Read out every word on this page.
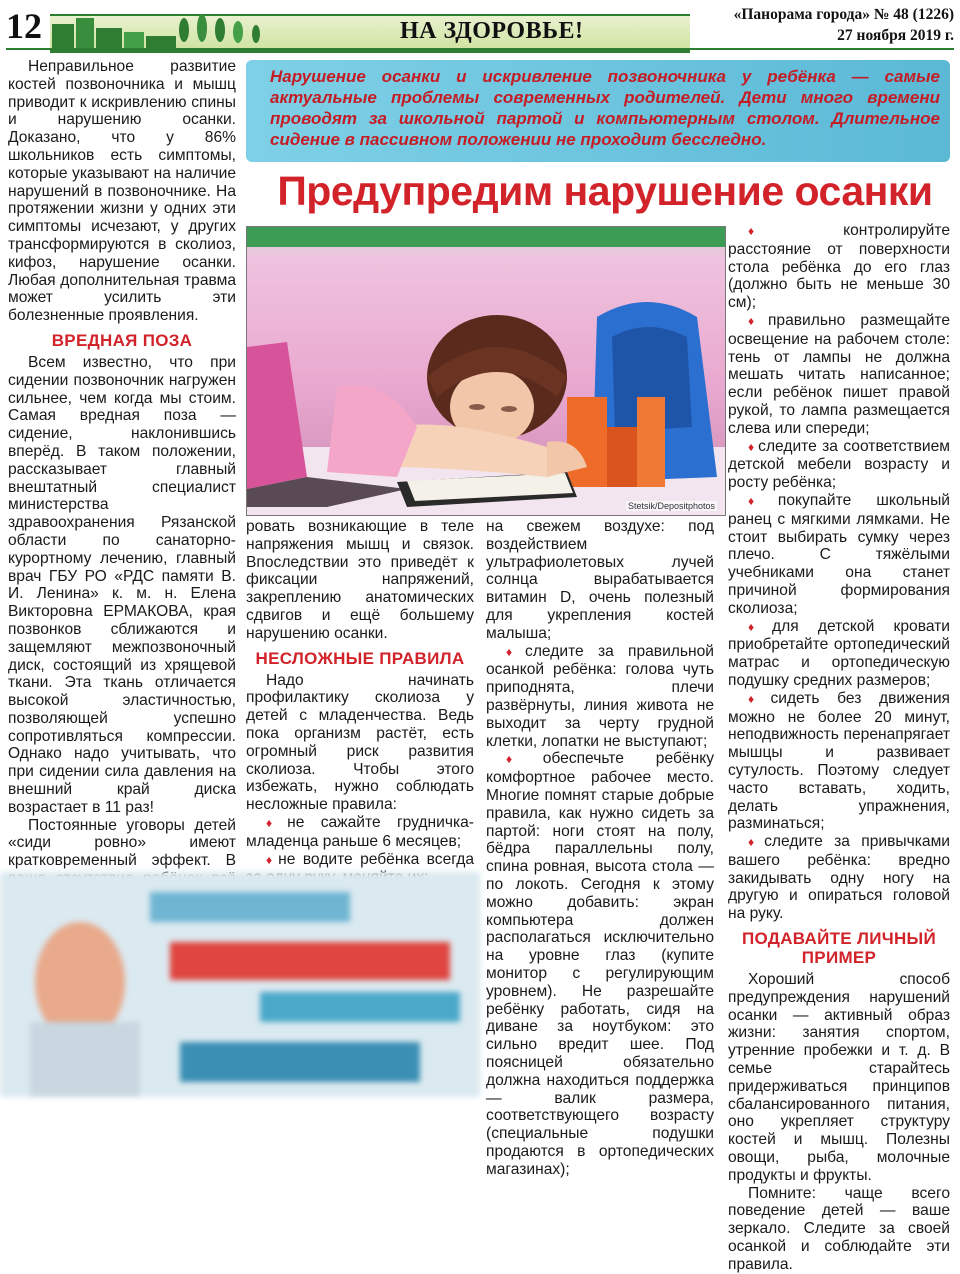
12	НА ЗДОРОВЬЕ!
«Панорама города» № 48 (1226)
27 ноября 2019 г.
Нарушение осанки и искривление позвоночника у ребёнка — самые актуальные проблемы современных родителей. Дети много времени проводят за школьной партой и компьютерным столом. Длительное сидение в пассивном положении не проходит бесследно.
Предупредим нарушение осанки
Stetsik/Depositphotos

Неправильное развитие костей позвоночника и мышц приводит к искривлению спины и нарушению осанки. Доказано, что у 86% школьников есть симптомы, которые указывают на наличие нарушений в позвоночнике. На протяжении жизни у одних эти симптомы исчезают, у других трансформируются в сколиоз, кифоз, нарушение осанки. Любая дополнительная травма может усилить эти болезненные проявления.

ВРЕДНАЯ ПОЗА

Всем известно, что при сидении позвоночник нагружен сильнее, чем когда мы стоим. Самая вредная поза — сидение, наклонившись вперёд. В таком положении, рассказывает главный внештатный специалист министерства здравоохранения Рязанской области по санаторно-курортному лечению, главный врач ГБУ РО «РДС памяти В. И. Ленина» к. м. н. Елена Викторовна ЕРМАКОВА, края позвонков сближаются и защемляют межпозвоночный диск, состоящий из хрящевой ткани. Эта ткань отличается высокой эластичностью, позволяющей успешно сопротивляться компрессии. Однако надо учитывать, что при сидении сила давления на внешний край диска возрастает в 11 раз!

Постоянные уговоры детей «сиди ровно» имеют кратковременный эффект. В

ровать возникающие в теле напряжения мышц и связок. Впоследствии это приведёт к фиксации напряжений, закреплению анатомических сдвигов и ещё большему нарушению осанки.

НЕСЛОЖНЫЕ ПРАВИЛА

Надо начинать профилактику сколиоза у детей с младенчества. Ведь пока организм растёт, есть огромный риск развития сколиоза. Чтобы этого избежать, нужно соблюдать несложные правила:

♦ не сажайте грудничка-младенца раньше 6 месяцев;

♦ не водите ребёнка всегда

на свежем воздухе: под воздействием ультрафиолетовых лучей солнца вырабатывается витамин D, очень полезный для укрепления костей малыша;

♦ следите за правильной осанкой ребёнка: голова чуть приподнята, плечи развёрнуты, линия живота не выходит за черту грудной клетки, лопатки не выступают;

♦ обеспечьте ребёнку комфортное рабочее место. Многие помнят старые добрые правила, как нужно сидеть за партой: ноги стоят на полу, бёдра параллельны полу, спина ровная, высота стола — по локоть. Сегодня к этому можно добавить: экран компьютера должен располагаться исключительно на уровне глаз (купите монитор с регулирующим уровнем). Не разрешайте ребёнку работать, сидя на диване за ноутбуком: это сильно вредит шее. Под поясницей обязательно должна находиться поддержка — валик размера, соответствующего возрасту (специальные подушки продаются в ортопедических магазинах);

♦ контролируйте расстояние от поверхности стола ребёнка до его глаз (должно быть не меньше 30 см);

♦ правильно размещайте освещение на рабочем столе: тень от лампы не должна мешать читать написанное; если ребёнок пишет правой рукой, то лампа размещается слева или спереди;

♦ следите за соответствием детской мебели возрасту и росту ребёнка;

♦ покупайте школьный ранец с мягкими лямками. Не стоит выбирать сумку через плечо. С тяжёлыми учебниками она станет причиной формирования сколиоза;

♦ для детской кровати приобретайте ортопедический матрас и ортопедическую подушку средних размеров;

♦ сидеть без движения можно не более 20 минут, неподвижность перенапрягает мышцы и развивает сутулость. Поэтому следует часто вставать, ходить, делать упражнения, разминаться;

♦ следите за привычками вашего ребёнка: вредно закидывать одну ногу на другую и опираться головой на руку.

ПОДАВАЙТЕ ЛИЧНЫЙ ПРИМЕР

Хороший способ предупреждения нарушений осанки — активный образ жизни: занятия спортом, утренние пробежки и т. д. В семье старайтесь придерживаться принципов сбалансированного питания, оно укрепляет структуру костей и мышц. Полезны овощи, рыба, молочные продукты и фрукты.

Помните: чаще всего поведение детей — ваше зеркало. Следите за своей осанкой и соблюдайте эти правила.
